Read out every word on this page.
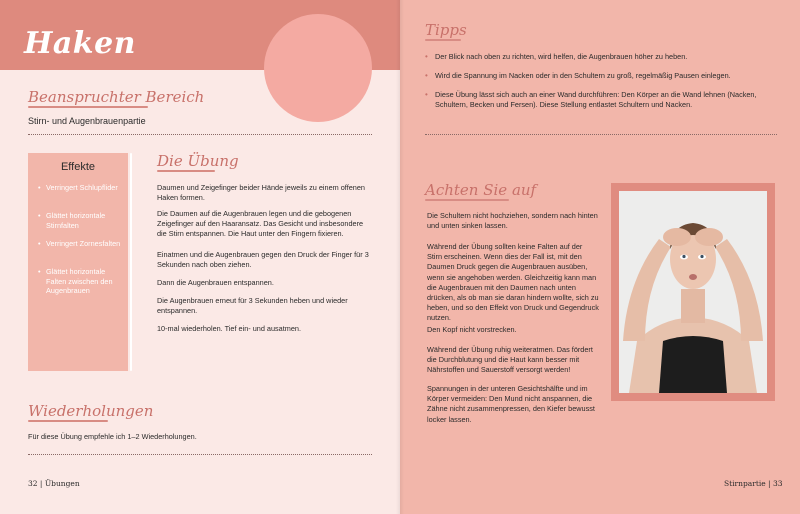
Haken
Beanspruchter Bereich
Stirn- und Augenbrauenpartie
Effekte
• Verringert Schlupflider
• Glättet horizontale Stirnfalten
• Verringert Zornesfalten
• Glättet horizontale Falten zwischen den Augenbrauen
Die Übung
Daumen und Zeigefinger beider Hände jeweils zu einem offenen Haken formen.
Die Daumen auf die Augenbrauen legen und die gebogenen Zeigefinger auf den Haaransatz. Das Gesicht und insbesondere die Stirn entspannen. Die Haut unter den Fingern fixieren.
Einatmen und die Augenbrauen gegen den Druck der Finger für 3 Sekunden nach oben ziehen.
Dann die Augenbrauen entspannen.
Die Augenbrauen erneut für 3 Sekunden heben und wieder entspannen.
10-mal wiederholen. Tief ein- und ausatmen.
Wiederholungen
Für diese Übung empfehle ich 1–2 Wiederholungen.
32 | Übungen
Tipps
• Der Blick nach oben zu richten, wird helfen, die Augenbrauen höher zu heben.
• Wird die Spannung im Nacken oder in den Schultern zu groß, regelmäßig Pausen einlegen.
• Diese Übung lässt sich auch an einer Wand durchführen: Den Körper an die Wand lehnen (Nacken, Schultern, Becken und Fersen). Diese Stellung entlastet Schultern und Nacken.
Achten Sie auf
Die Schultern nicht hochziehen, sondern nach hinten und unten sinken lassen.
Während der Übung sollten keine Falten auf der Stirn erscheinen. Wenn dies der Fall ist, mit den Daumen Druck gegen die Augenbrauen ausüben, wenn sie angehoben werden. Gleichzeitig kann man die Augenbrauen mit den Daumen nach unten drücken, als ob man sie daran hindern wollte, sich zu heben, und so den Effekt von Druck und Gegendruck nutzen.
Den Kopf nicht vorstrecken.
Während der Übung ruhig weiteratmen. Das fördert die Durchblutung und die Haut kann besser mit Nährstoffen und Sauerstoff versorgt werden!
Spannungen in der unteren Gesichtshälfte und im Körper vermeiden: Den Mund nicht anspannen, die Zähne nicht zusammenpressen, den Kiefer bewusst locker lassen.
Stirnpartie | 33
